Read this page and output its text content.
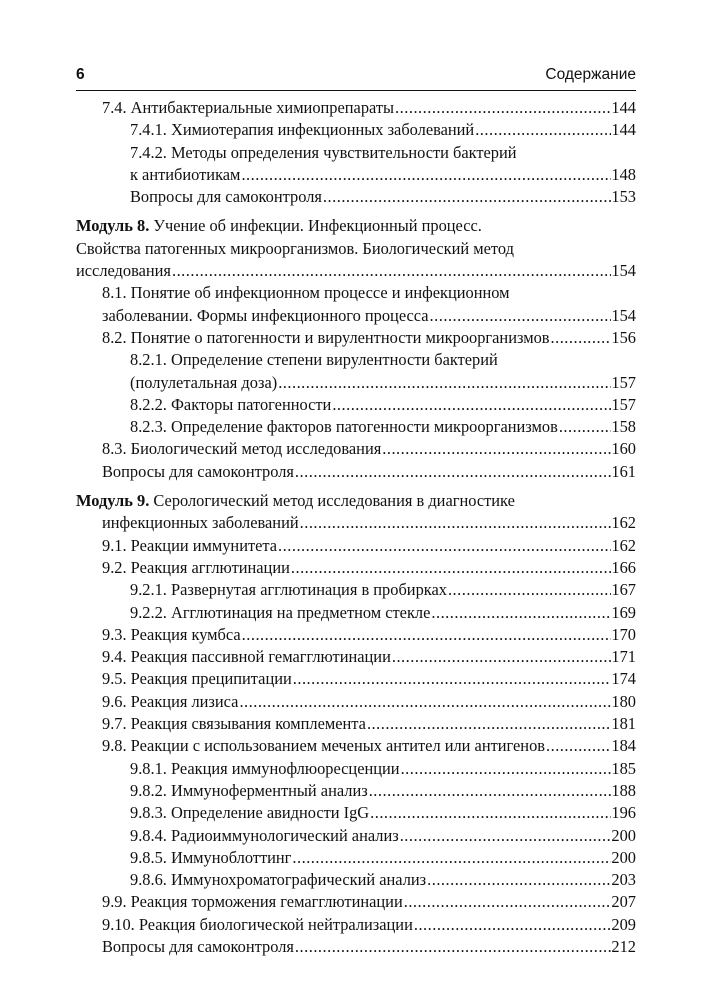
6	Содержание
7.4. Антибактериальные химиопрепараты .....	144
7.4.1. Химиотерапия инфекционных заболеваний .....	144
7.4.2. Методы определения чувствительности бактерий
к антибиотикам .....	148
Вопросы для самоконтроля .....	153
Модуль 8. Учение об инфекции. Инфекционный процесс.
Свойства патогенных микроорганизмов. Биологический метод
исследования .....	154
8.1. Понятие об инфекционном процессе и инфекционном
заболевании. Формы инфекционного процесса .....	154
8.2. Понятие о патогенности и вирулентности микроорганизмов .....	156
8.2.1. Определение степени вирулентности бактерий
(полулетальная доза) .....	157
8.2.2. Факторы патогенности .....	157
8.2.3. Определение факторов патогенности микроорганизмов .....	158
8.3. Биологический метод исследования .....	160
Вопросы для самоконтроля .....	161
Модуль 9. Серологический метод исследования в диагностике
инфекционных заболеваний .....	162
9.1. Реакции иммунитета .....	162
9.2. Реакция агглютинации .....	166
9.2.1. Развернутая агглютинация в пробирках .....	167
9.2.2. Агглютинация на предметном стекле .....	169
9.3. Реакция кумбса .....	170
9.4. Реакция пассивной гемагглютинации .....	171
9.5. Реакция преципитации .....	174
9.6. Реакция лизиса .....	180
9.7. Реакция связывания комплемента .....	181
9.8. Реакции с использованием меченых антител или антигенов .....	184
9.8.1. Реакция иммунофлюоресценции .....	185
9.8.2. Иммуноферментный анализ .....	188
9.8.3. Определение авидности IgG .....	196
9.8.4. Радиоиммунологический анализ .....	200
9.8.5. Иммуноблоттинг .....	200
9.8.6. Иммунохроматографический анализ .....	203
9.9. Реакция торможения гемагглютинации .....	207
9.10. Реакция биологической нейтрализации .....	209
Вопросы для самоконтроля .....	212
